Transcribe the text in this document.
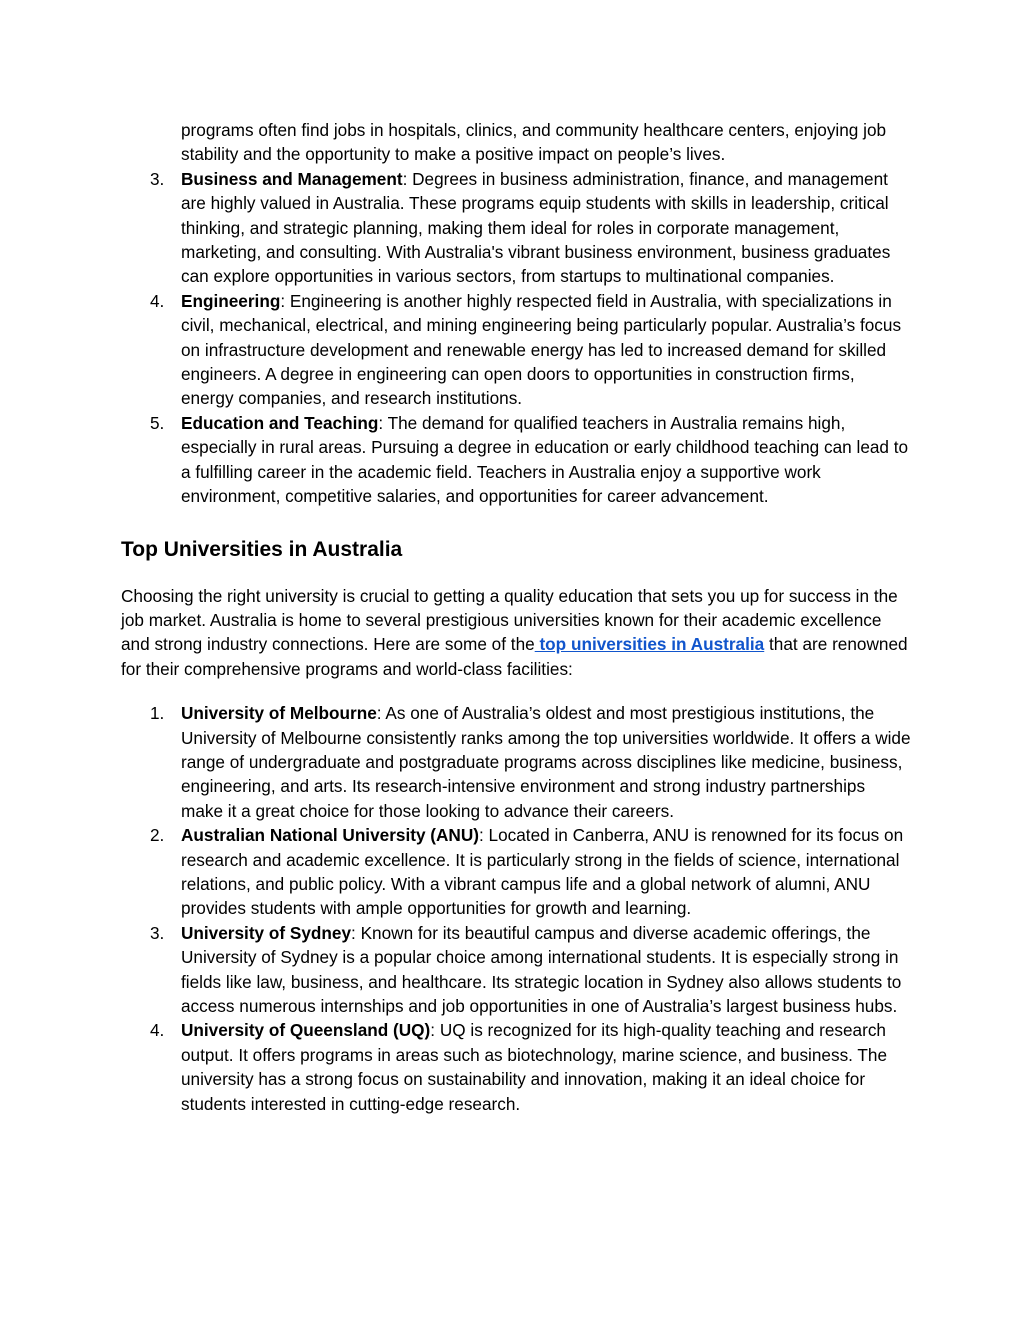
programs often find jobs in hospitals, clinics, and community healthcare centers, enjoying job stability and the opportunity to make a positive impact on people’s lives.
3. Business and Management: Degrees in business administration, finance, and management are highly valued in Australia. These programs equip students with skills in leadership, critical thinking, and strategic planning, making them ideal for roles in corporate management, marketing, and consulting. With Australia's vibrant business environment, business graduates can explore opportunities in various sectors, from startups to multinational companies.
4. Engineering: Engineering is another highly respected field in Australia, with specializations in civil, mechanical, electrical, and mining engineering being particularly popular. Australia’s focus on infrastructure development and renewable energy has led to increased demand for skilled engineers. A degree in engineering can open doors to opportunities in construction firms, energy companies, and research institutions.
5. Education and Teaching: The demand for qualified teachers in Australia remains high, especially in rural areas. Pursuing a degree in education or early childhood teaching can lead to a fulfilling career in the academic field. Teachers in Australia enjoy a supportive work environment, competitive salaries, and opportunities for career advancement.
Top Universities in Australia
Choosing the right university is crucial to getting a quality education that sets you up for success in the job market. Australia is home to several prestigious universities known for their academic excellence and strong industry connections. Here are some of the top universities in Australia that are renowned for their comprehensive programs and world-class facilities:
1. University of Melbourne: As one of Australia’s oldest and most prestigious institutions, the University of Melbourne consistently ranks among the top universities worldwide. It offers a wide range of undergraduate and postgraduate programs across disciplines like medicine, business, engineering, and arts. Its research-intensive environment and strong industry partnerships make it a great choice for those looking to advance their careers.
2. Australian National University (ANU): Located in Canberra, ANU is renowned for its focus on research and academic excellence. It is particularly strong in the fields of science, international relations, and public policy. With a vibrant campus life and a global network of alumni, ANU provides students with ample opportunities for growth and learning.
3. University of Sydney: Known for its beautiful campus and diverse academic offerings, the University of Sydney is a popular choice among international students. It is especially strong in fields like law, business, and healthcare. Its strategic location in Sydney also allows students to access numerous internships and job opportunities in one of Australia’s largest business hubs.
4. University of Queensland (UQ): UQ is recognized for its high-quality teaching and research output. It offers programs in areas such as biotechnology, marine science, and business. The university has a strong focus on sustainability and innovation, making it an ideal choice for students interested in cutting-edge research.
